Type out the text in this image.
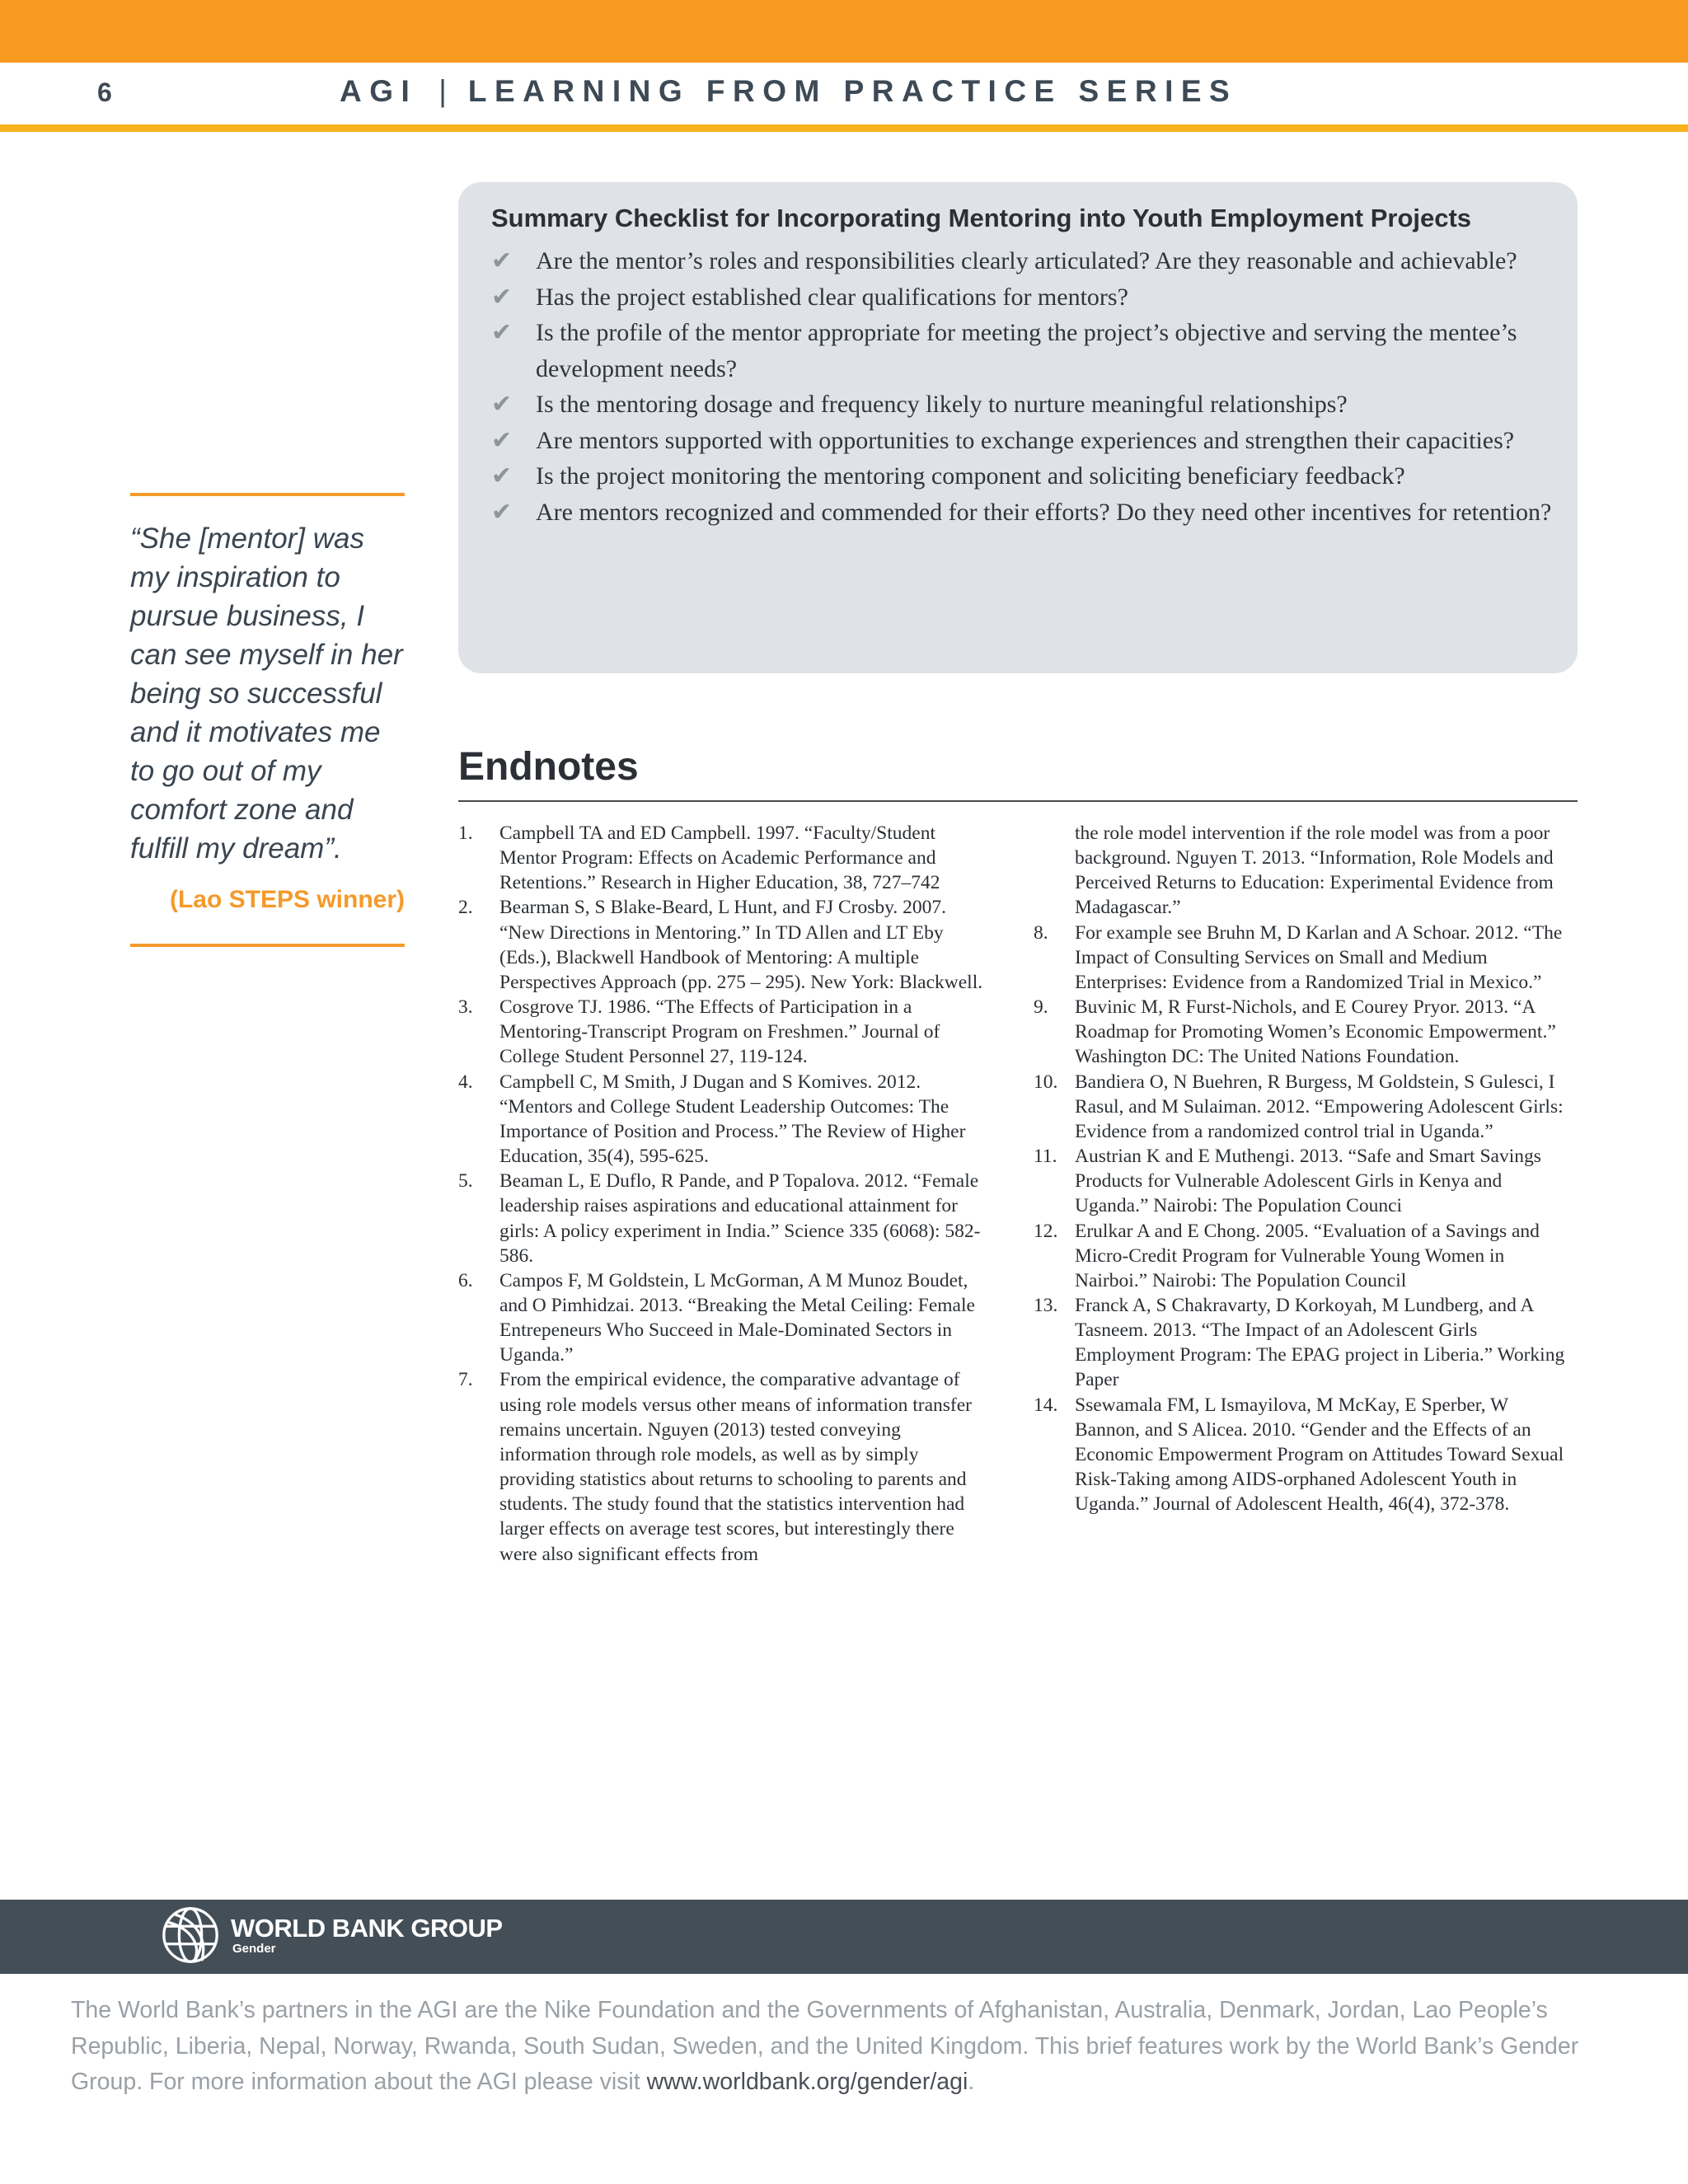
6	AGI | LEARNING FROM PRACTICE SERIES

“She [mentor] was my inspiration to pursue business, I can see myself in her being so successful and it motivates me to go out of my comfort zone and fulfill my dream”.

(Lao STEPS winner)
Summary Checklist for Incorporating Mentoring into Youth Employment Projects
✔ Are the mentor’s roles and responsibilities clearly articulated? Are they reasonable and achievable?
✔ Has the project established clear qualifications for mentors?
✔ Is the profile of the mentor appropriate for meeting the project’s objective and serving the mentee’s development needs?
✔ Is the mentoring dosage and frequency likely to nurture meaningful relationships?
✔ Are mentors supported with opportunities to exchange experiences and strengthen their capacities?
✔ Is the project monitoring the mentoring component and soliciting beneficiary feedback?
✔ Are mentors recognized and commended for their efforts? Do they need other incentives for retention?
Endnotes
1.	Campbell TA and ED Campbell. 1997. “Faculty/Student Mentor Program: Effects on Academic Performance and Retentions.” Research in Higher Education, 38, 727–742
2.	Bearman S, S Blake-Beard, L Hunt, and FJ Crosby. 2007. “New Directions in Mentoring.” In TD Allen and LT Eby (Eds.), Blackwell Handbook of Mentoring: A multiple Perspectives Approach (pp. 275 – 295). New York: Blackwell.
3.	Cosgrove TJ. 1986. “The Effects of Participation in a Mentoring-Transcript Program on Freshmen.” Journal of College Student Personnel 27, 119-124.
4.	Campbell C, M Smith, J Dugan and S Komives. 2012. “Mentors and College Student Leadership Outcomes: The Importance of Position and Process.” The Review of Higher Education, 35(4), 595-625.
5.	Beaman L, E Duflo, R Pande, and P Topalova. 2012. “Female leadership raises aspirations and educational attainment for girls: A policy experiment in India.” Science 335 (6068): 582-586.
6.	Campos F, M Goldstein, L McGorman, A M Munoz Boudet, and O Pimhidzai. 2013. “Breaking the Metal Ceiling: Female Entrepeneurs Who Succeed in Male-Dominated Sectors in Uganda.”
7.	From the empirical evidence, the comparative advantage of using role models versus other means of information transfer remains uncertain. Nguyen (2013) tested conveying information through role models, as well as by simply providing statistics about returns to schooling to parents and students. The study found that the statistics intervention had larger effects on average test scores, but interestingly there were also significant effects from
the role model intervention if the role model was from a poor background. Nguyen T. 2013. “Information, Role Models and Perceived Returns to Education: Experimental Evidence from Madagascar.”
8.	For example see Bruhn M, D Karlan and A Schoar. 2012. “The Impact of Consulting Services on Small and Medium Enterprises: Evidence from a Randomized Trial in Mexico.”
9.	Buvinic M, R Furst-Nichols, and E Courey Pryor. 2013. “A Roadmap for Promoting Women’s Economic Empowerment.” Washington DC: The United Nations Foundation.
10. Bandiera O, N Buehren, R Burgess, M Goldstein, S Gulesci, I Rasul, and M Sulaiman. 2012. “Empowering Adolescent Girls: Evidence from a randomized control trial in Uganda.”
11. Austrian K and E Muthengi. 2013. “Safe and Smart Savings Products for Vulnerable Adolescent Girls in Kenya and Uganda.” Nairobi: The Population Counci
12. Erulkar A and E Chong. 2005. “Evaluation of a Savings and Micro-Credit Program for Vulnerable Young Women in Nairboi.” Nairobi: The Population Council
13. Franck A, S Chakravarty, D Korkoyah, M Lundberg, and A Tasneem. 2013. “The Impact of an Adolescent Girls Employment Program: The EPAG project in Liberia.” Working Paper
14. Ssewamala FM, L Ismayilova, M McKay, E Sperber, W Bannon, and S Alicea. 2010. “Gender and the Effects of an Economic Empowerment Program on Attitudes Toward Sexual Risk-Taking among AIDS-orphaned Adolescent Youth in Uganda.” Journal of Adolescent Health, 46(4), 372-378.
WORLD BANK GROUP
Gender

The World Bank’s partners in the AGI are the Nike Foundation and the Governments of Afghanistan, Australia, Denmark, Jordan, Lao People’s Republic, Liberia, Nepal, Norway, Rwanda, South Sudan, Sweden, and the United Kingdom. This brief features work by the World Bank’s Gender Group. For more information about the AGI please visit www.worldbank.org/gender/agi.
